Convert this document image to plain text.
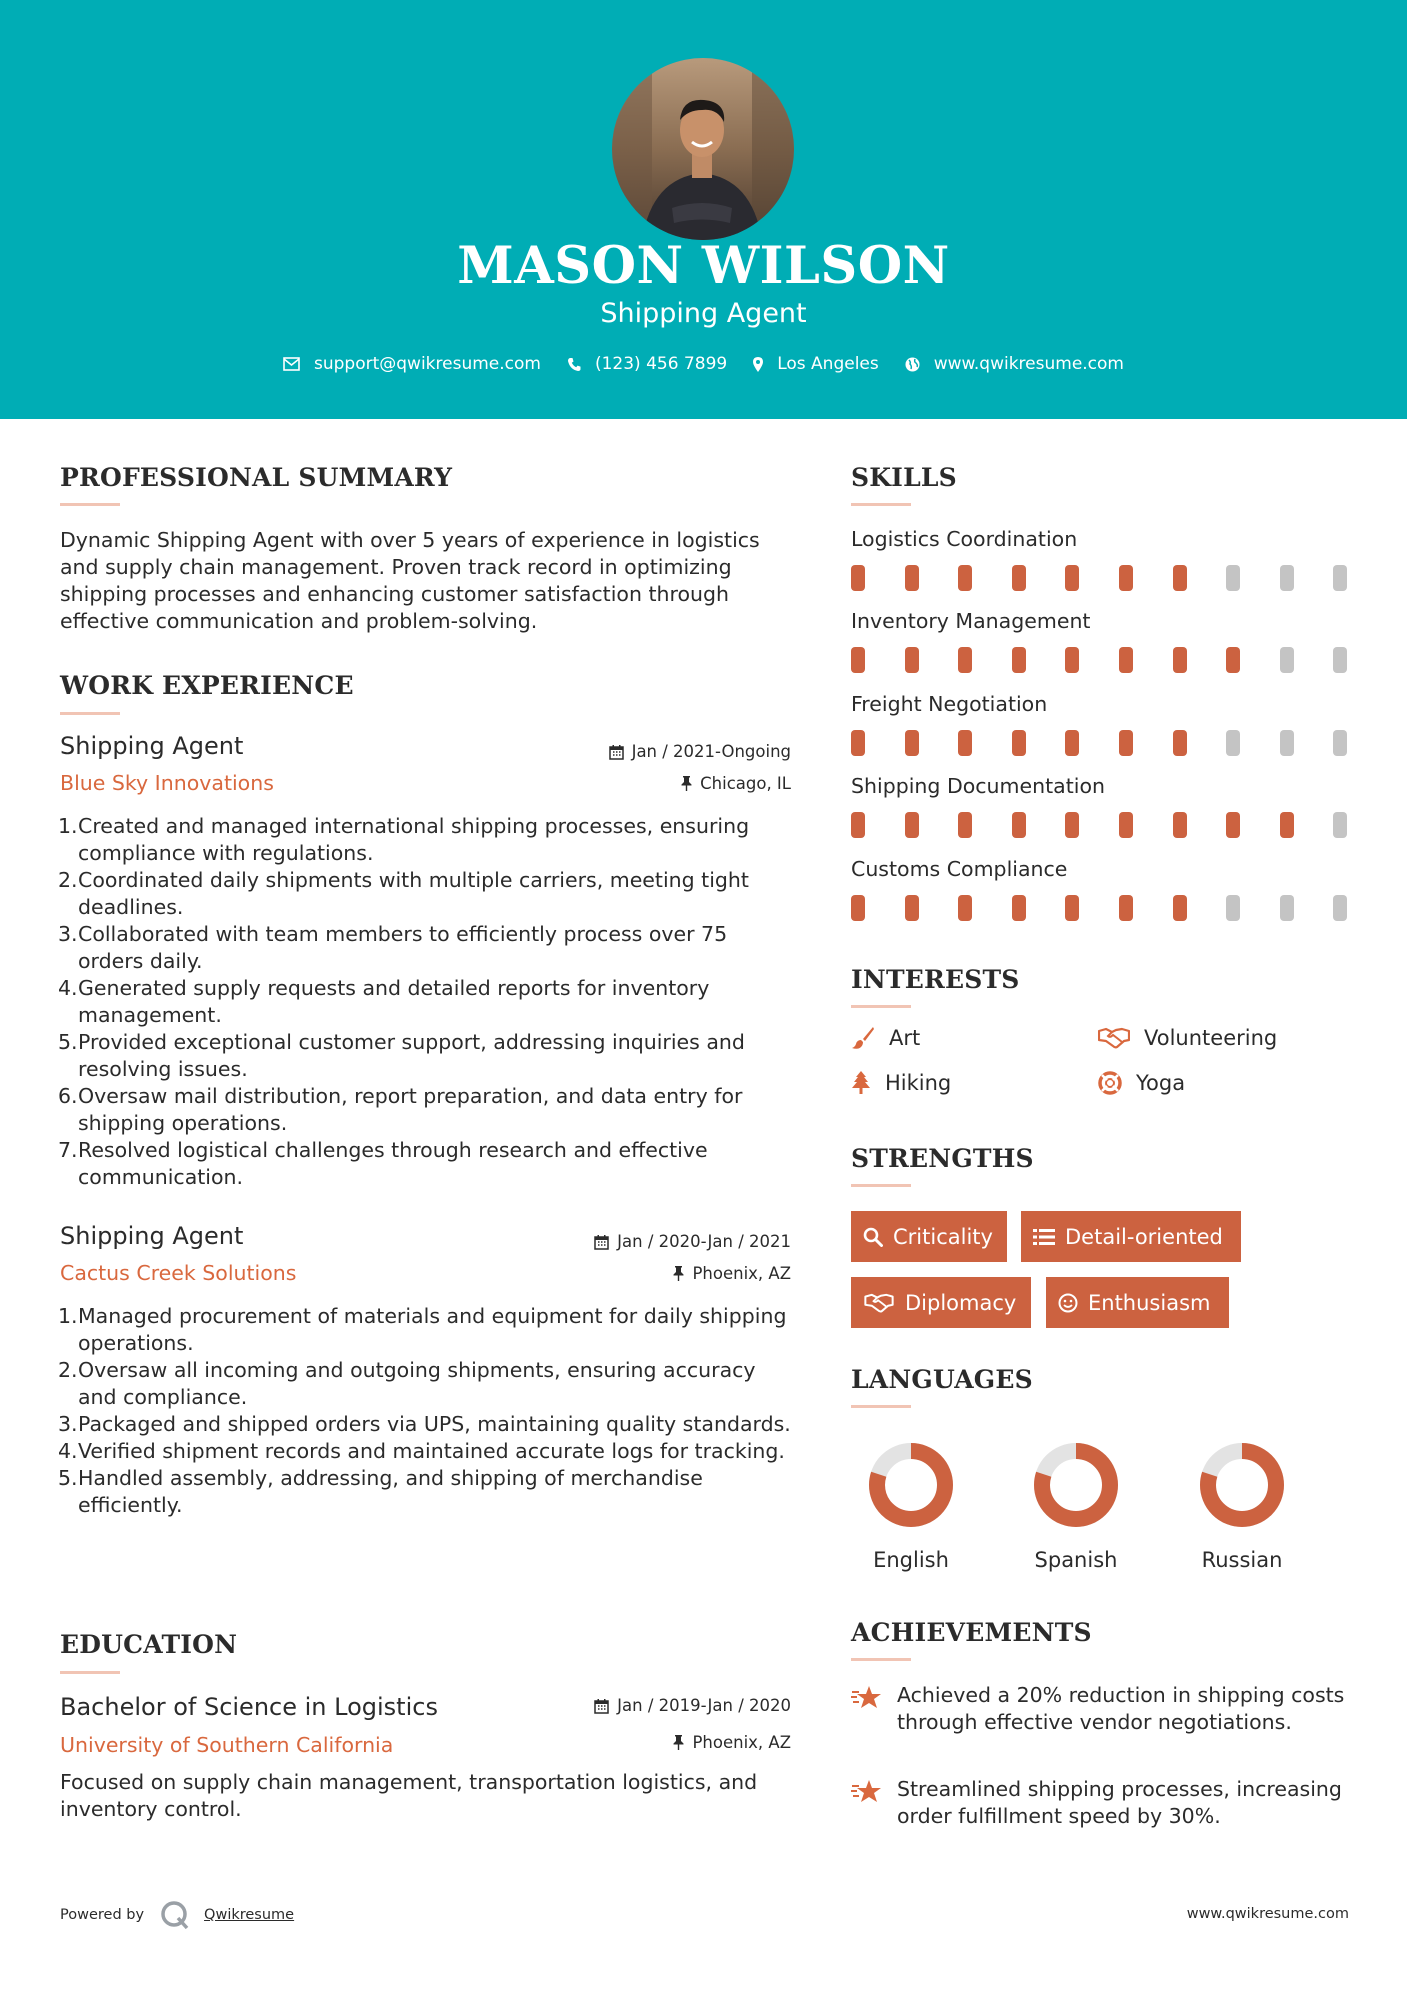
MASON WILSON
Shipping Agent
support@qwikresume.com	(123) 456 7899	Los Angeles	www.qwikresume.com
PROFESSIONAL SUMMARY
Dynamic Shipping Agent with over 5 years of experience in logistics and supply chain management. Proven track record in optimizing shipping processes and enhancing customer satisfaction through effective communication and problem-solving.
WORK EXPERIENCE
Shipping Agent	Jan / 2021-Ongoing
Blue Sky Innovations	Chicago, IL
Created and managed international shipping processes, ensuring compliance with regulations.
Coordinated daily shipments with multiple carriers, meeting tight deadlines.
Collaborated with team members to efficiently process over 75 orders daily.
Generated supply requests and detailed reports for inventory management.
Provided exceptional customer support, addressing inquiries and resolving issues.
Oversaw mail distribution, report preparation, and data entry for shipping operations.
Resolved logistical challenges through research and effective communication.
Shipping Agent	Jan / 2020-Jan / 2021
Cactus Creek Solutions	Phoenix, AZ
Managed procurement of materials and equipment for daily shipping operations.
Oversaw all incoming and outgoing shipments, ensuring accuracy and compliance.
Packaged and shipped orders via UPS, maintaining quality standards.
Verified shipment records and maintained accurate logs for tracking.
Handled assembly, addressing, and shipping of merchandise efficiently.
EDUCATION
Bachelor of Science in Logistics	Jan / 2019-Jan / 2020
University of Southern California	Phoenix, AZ
Focused on supply chain management, transportation logistics, and inventory control.
SKILLS
Logistics Coordination
Inventory Management
Freight Negotiation
Shipping Documentation
Customs Compliance
INTERESTS
Art	Volunteering
Hiking	Yoga
STRENGTHS
Criticality	Detail-oriented
Diplomacy	Enthusiasm
LANGUAGES
English	Spanish	Russian
ACHIEVEMENTS
Achieved a 20% reduction in shipping costs through effective vendor negotiations.
Streamlined shipping processes, increasing order fulfillment speed by 30%.
Powered by	Qwikresume	www.qwikresume.com
